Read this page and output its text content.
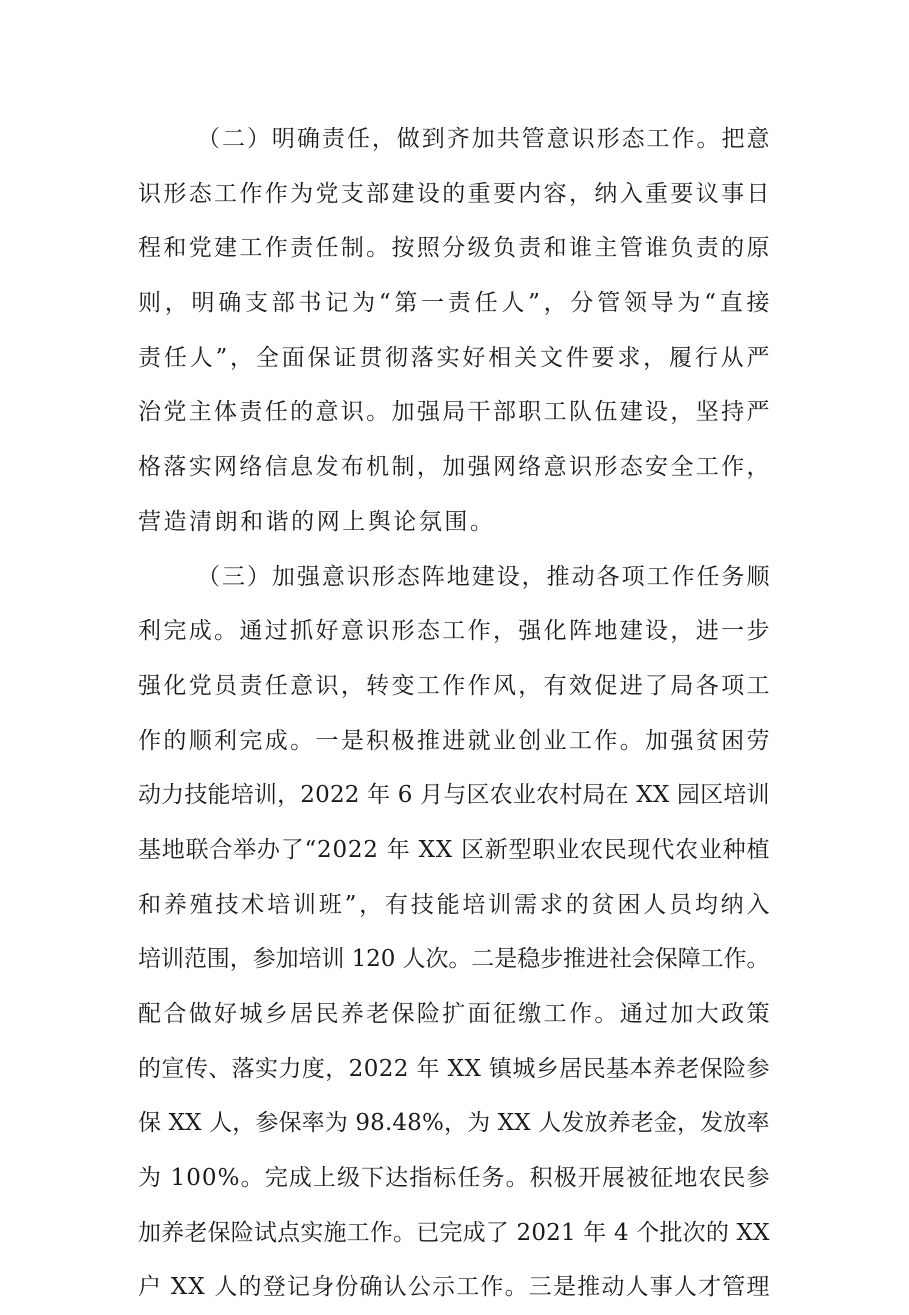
（二）明确责任，做到齐加共管意识形态工作。把意
识形态工作作为党支部建设的重要内容，纳入重要议事日
程和党建工作责任制。按照分级负责和谁主管谁负责的原
则，明确支部书记为“第一责任人”，分管领导为“直接
责任人”，全面保证贯彻落实好相关文件要求，履行从严
治党主体责任的意识。加强局干部职工队伍建设，坚持严
格落实网络信息发布机制，加强网络意识形态安全工作，
营造清朗和谐的网上舆论氛围。
（三）加强意识形态阵地建设，推动各项工作任务顺
利完成。通过抓好意识形态工作，强化阵地建设，进一步
强化党员责任意识，转变工作作风，有效促进了局各项工
作的顺利完成。一是积极推进就业创业工作。加强贫困劳
动力技能培训，2022 年 6 月与区农业农村局在 XX 园区培训
基地联合举办了“2022 年 XX 区新型职业农民现代农业种植
和养殖技术培训班”，有技能培训需求的贫困人员均纳入
培训范围，参加培训 120 人次。二是稳步推进社会保障工作。
配合做好城乡居民养老保险扩面征缴工作。通过加大政策
的宣传、落实力度，2022 年 XX 镇城乡居民基本养老保险参
保 XX 人，参保率为 98.48%，为 XX 人发放养老金，发放率
为 100%。完成上级下达指标任务。积极开展被征地农民参
加养老保险试点实施工作。已完成了 2021 年 4 个批次的 XX
户 XX 人的登记身份确认公示工作。三是推动人事人才管理
